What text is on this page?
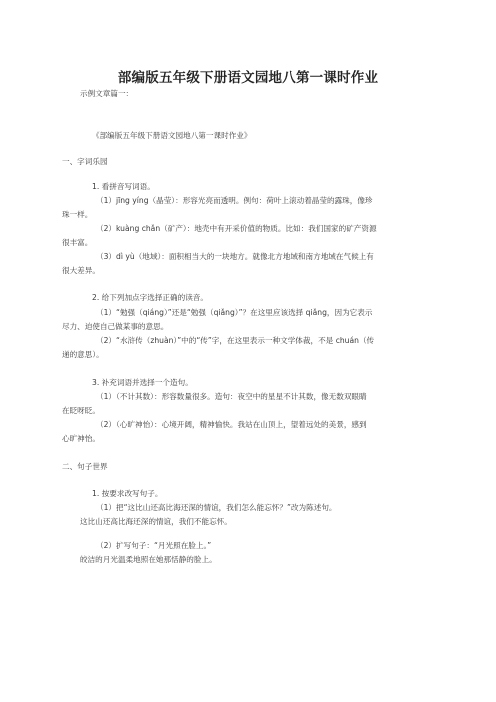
部编版五年级下册语文园地八第一课时作业
示例文章篇一：
《部编版五年级下册语文园地八第一课时作业》
一、字词乐园
1. 看拼音写词语。
（1）jīng yíng（晶莹）：形容光亮而透明。例句：荷叶上滚动着晶莹的露珠，像珍
珠一样。
（2）kuàng chǎn（矿产）：地壳中有开采价值的物质。比如：我们国家的矿产资源
很丰富。
（3）dì yù（地域）：面积相当大的一块地方。就像北方地域和南方地域在气候上有
很大差异。
2. 给下列加点字选择正确的读音。
（1）“勉强（qiáng）”还是“勉强（qiǎng）”？在这里应该选择 qiǎng，因为它表示
尽力、迫使自己做某事的意思。
（2）“水浒传（zhuàn）”中的“传”字，在这里表示一种文学体裁，不是 chuán（传
递的意思）。
3. 补充词语并选择一个造句。
（1）（不计其数）：形容数量很多。造句：夜空中的星星不计其数，像无数双眼睛
在眨呀眨。
（2）（心旷神怡）：心境开阔，精神愉快。我站在山顶上，望着远处的美景，感到
心旷神怡。
二、句子世界
1. 按要求改写句子。
（1）把“这比山还高比海还深的情谊，我们怎么能忘怀？”改为陈述句。
这比山还高比海还深的情谊，我们不能忘怀。
（2）扩写句子：“月光照在脸上。”
皎洁的月光温柔地照在她那恬静的脸上。
